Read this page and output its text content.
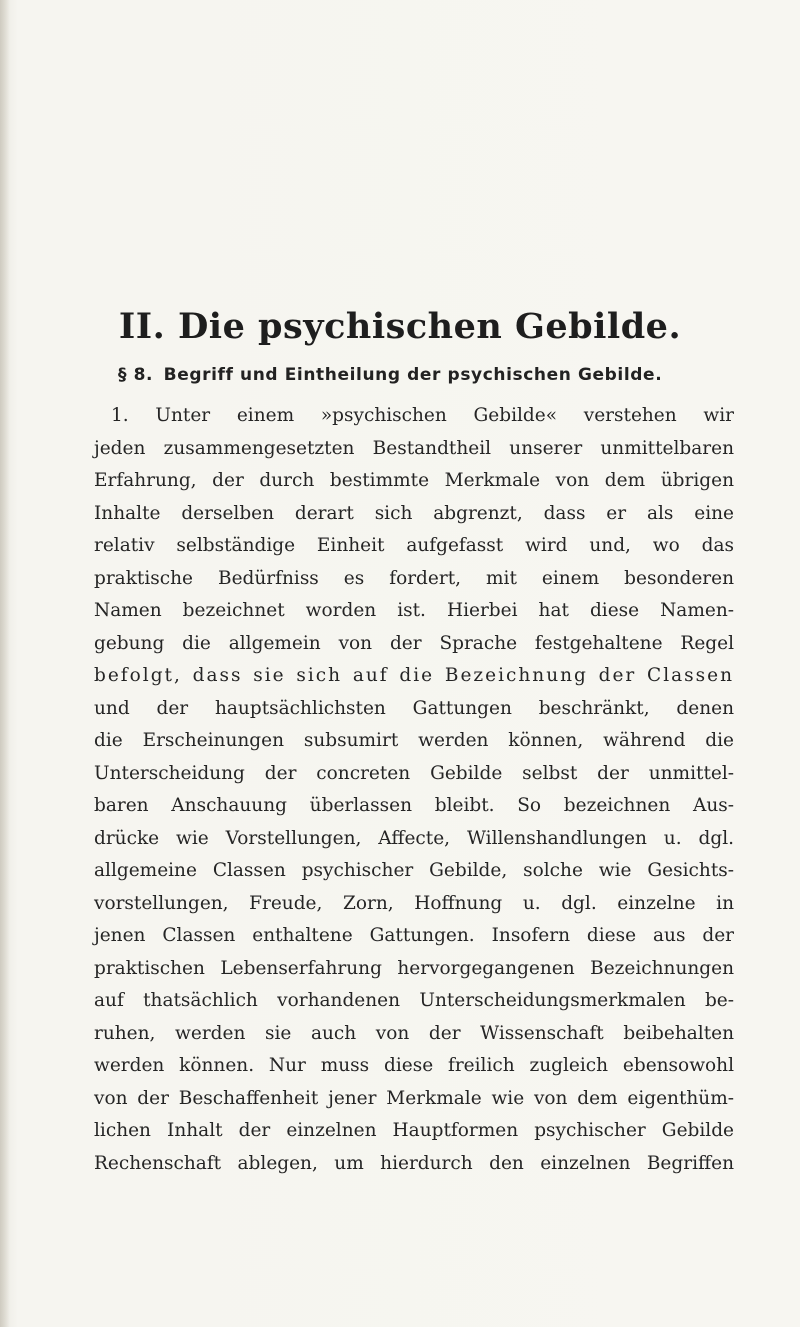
II. Die psychischen Gebilde.
§ 8. Begriff und Eintheilung der psychischen Gebilde.
1. Unter einem »psychischen Gebilde« verstehen wir
jeden zusammengesetzten Bestandtheil unserer unmittelbaren
Erfahrung, der durch bestimmte Merkmale von dem übrigen
Inhalte derselben derart sich abgrenzt, dass er als eine
relativ selbständige Einheit aufgefasst wird und, wo das
praktische Bedürfniss es fordert, mit einem besonderen
Namen bezeichnet worden ist. Hierbei hat diese Namen-
gebung die allgemein von der Sprache festgehaltene Regel
befolgt, dass sie sich auf die Bezeichnung der Classen
und der hauptsächlichsten Gattungen beschränkt, denen
die Erscheinungen subsumirt werden können, während die
Unterscheidung der concreten Gebilde selbst der unmittel-
baren Anschauung überlassen bleibt. So bezeichnen Aus-
drücke wie Vorstellungen, Affecte, Willenshandlungen u. dgl.
allgemeine Classen psychischer Gebilde, solche wie Gesichts-
vorstellungen, Freude, Zorn, Hoffnung u. dgl. einzelne in
jenen Classen enthaltene Gattungen. Insofern diese aus der
praktischen Lebenserfahrung hervorgegangenen Bezeichnungen
auf thatsächlich vorhandenen Unterscheidungsmerkmalen be-
ruhen, werden sie auch von der Wissenschaft beibehalten
werden können. Nur muss diese freilich zugleich ebensowohl
von der Beschaffenheit jener Merkmale wie von dem eigenthüm-
lichen Inhalt der einzelnen Hauptformen psychischer Gebilde
Rechenschaft ablegen, um hierdurch den einzelnen Begriffen
